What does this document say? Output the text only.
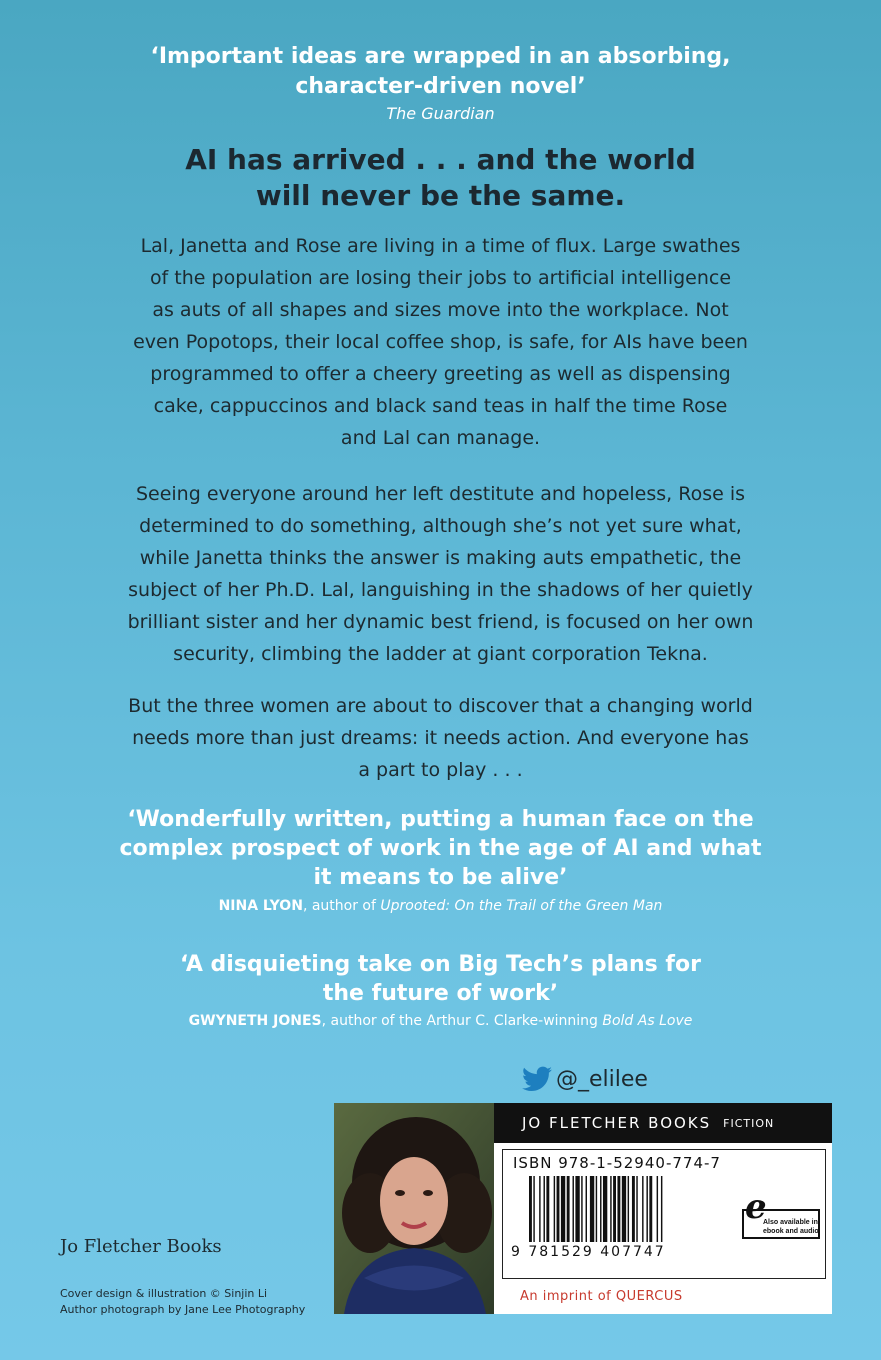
‘Important ideas are wrapped in an absorbing,
character-driven novel’
The Guardian
AI has arrived . . . and the world
will never be the same.
Lal, Janetta and Rose are living in a time of flux. Large swathes
of the population are losing their jobs to artificial intelligence
as auts of all shapes and sizes move into the workplace. Not
even Popotops, their local coffee shop, is safe, for AIs have been
programmed to offer a cheery greeting as well as dispensing
cake, cappuccinos and black sand teas in half the time Rose
and Lal can manage.
Seeing everyone around her left destitute and hopeless, Rose is
determined to do something, although she’s not yet sure what,
while Janetta thinks the answer is making auts empathetic, the
subject of her Ph.D. Lal, languishing in the shadows of her quietly
brilliant sister and her dynamic best friend, is focused on her own
security, climbing the ladder at giant corporation Tekna.
But the three women are about to discover that a changing world
needs more than just dreams: it needs action. And everyone has
a part to play . . .
‘Wonderfully written, putting a human face on the
complex prospect of work in the age of AI and what
it means to be alive’
NINA LYON, author of Uprooted: On the Trail of the Green Man
‘A disquieting take on Big Tech’s plans for
the future of work’
GWYNETH JONES, author of the Arthur C. Clarke-winning Bold As Love
@_elilee
Jo Fletcher Books
Cover design & illustration © Sinjin Li
Author photograph by Jane Lee Photography
JO FLETCHER BOOKS FICTION
ISBN 978-1-52940-774-7
9 781529 407747
e
Also available in
ebook and audio
An imprint of QUERCUS
